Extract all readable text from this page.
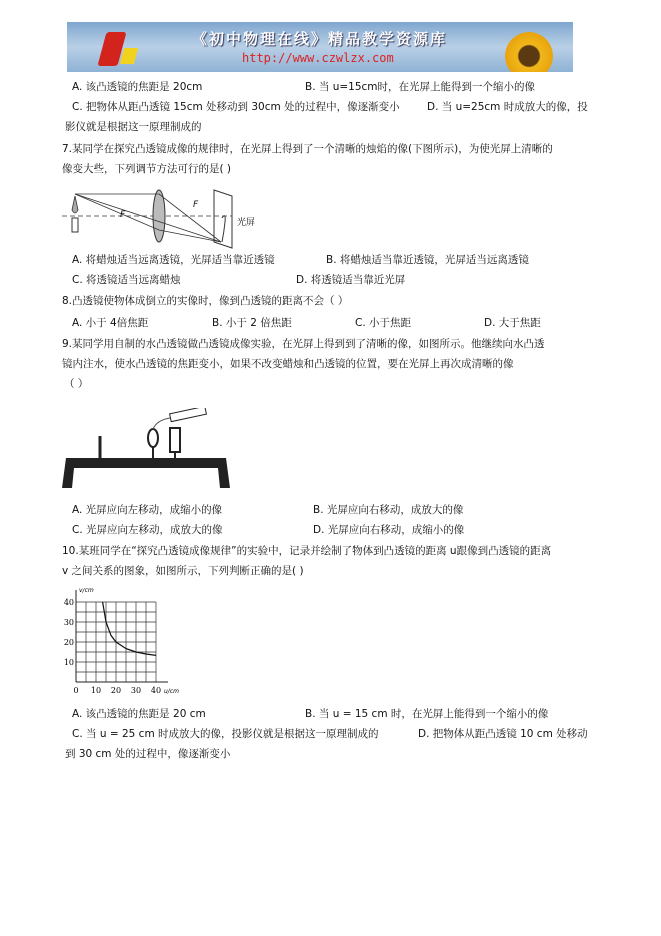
《初中物理在线》精品教学资源库
http://www.czwlzx.com
A. 该凸透镜的焦距是 20cm	B. 当 u=15cm时，在光屏上能得到一个缩小的像
C. 把物体从距凸透镜 15cm 处移动到 30cm 处的过程中，像逐渐变小	D. 当 u=25cm 时成放大的像，投
影仪就是根据这一原理制成的
7.某同学在探究凸透镜成像的规律时，在光屏上得到了一个清晰的烛焰的像(下图所示)，为使光屏上清晰的
像变大些，下列调节方法可行的是( )
F
F
光屏
A. 将蜡烛适当远离透镜，光屏适当靠近透镜	B. 将蜡烛适当靠近透镜，光屏适当远离透镜
C. 将透镜适当远离蜡烛	D. 将透镜适当靠近光屏
8.凸透镜使物体成倒立的实像时，像到凸透镜的距离不会（ ）
A. 小于 4倍焦距	B. 小于 2 倍焦距	C. 小于焦距	D. 大于焦距
9.某同学用自制的水凸透镜做凸透镜成像实验，在光屏上得到到了清晰的像，如图所示。他继续向水凸透
镜内注水，使水凸透镜的焦距变小，如果不改变蜡烛和凸透镜的位置，要在光屏上再次成清晰的像
（ ）
A. 光屏应向左移动，成缩小的像	B. 光屏应向右移动，成放大的像
C. 光屏应向左移动，成放大的像	D. 光屏应向右移动，成缩小的像
10.某班同学在“探究凸透镜成像规律”的实验中，记录并绘制了物体到凸透镜的距离 u跟像到凸透镜的距离
v 之间关系的图象，如图所示，下列判断正确的是( )
0 10 20 30 40
10
20
30
40
u/cm
v/cm
A. 该凸透镜的焦距是 20 cm	B. 当 u = 15 cm 时，在光屏上能得到一个缩小的像
C. 当 u = 25 cm 时成放大的像，投影仪就是根据这一原理制成的	D. 把物体从距凸透镜 10 cm 处移动
到 30 cm 处的过程中，像逐渐变小
